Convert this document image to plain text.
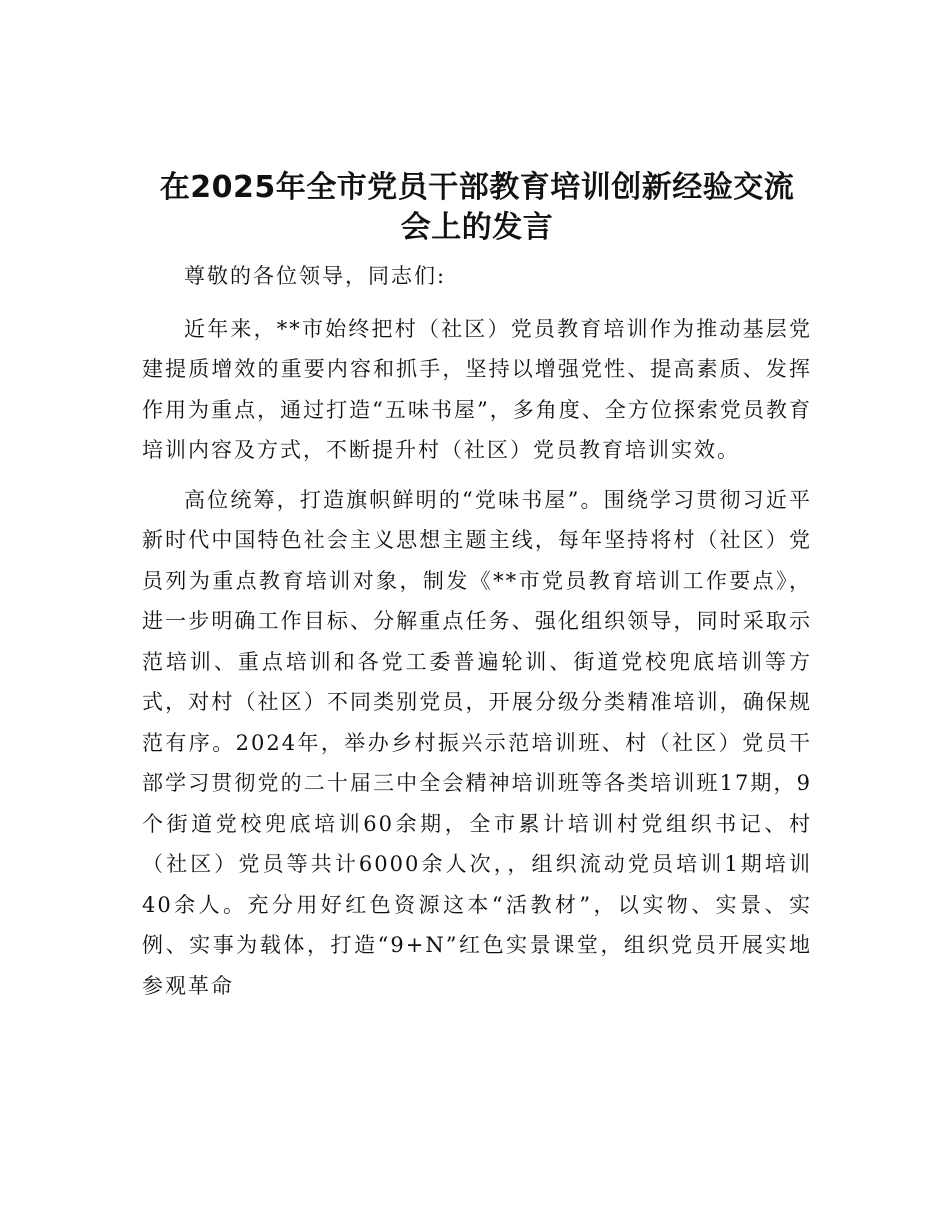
在2025年全市党员干部教育培训创新经验交流
会上的发言

尊敬的各位领导，同志们:

近年来，**市始终把村（社区）党员教育培训作为推动基层党建提质增效的重要内容和抓手，坚持以增强党性、提高素质、发挥作用为重点，通过打造“五味书屋”，多角度、全方位探索党员教育培训内容及方式，不断提升村（社区）党员教育培训实效。

高位统筹，打造旗帜鲜明的“党味书屋”。围绕学习贯彻习近平新时代中国特色社会主义思想主题主线，每年坚持将村（社区）党员列为重点教育培训对象，制发《**市党员教育培训工作要点》，进一步明确工作目标、分解重点任务、强化组织领导，同时采取示范培训、重点培训和各党工委普遍轮训、街道党校兜底培训等方式，对村（社区）不同类别党员，开展分级分类精准培训，确保规范有序。2024年，举办乡村振兴示范培训班、村（社区）党员干部学习贯彻党的二十届三中全会精神培训班等各类培训班17期，9个街道党校兜底培训60余期，全市累计培训村党组织书记、村（社区）党员等共计6000余人次，，组织流动党员培训1期培训40余人。充分用好红色资源这本“活教材”，以实物、实景、实例、实事为载体，打造“9+N”红色实景课堂，组织党员开展实地参观革命
